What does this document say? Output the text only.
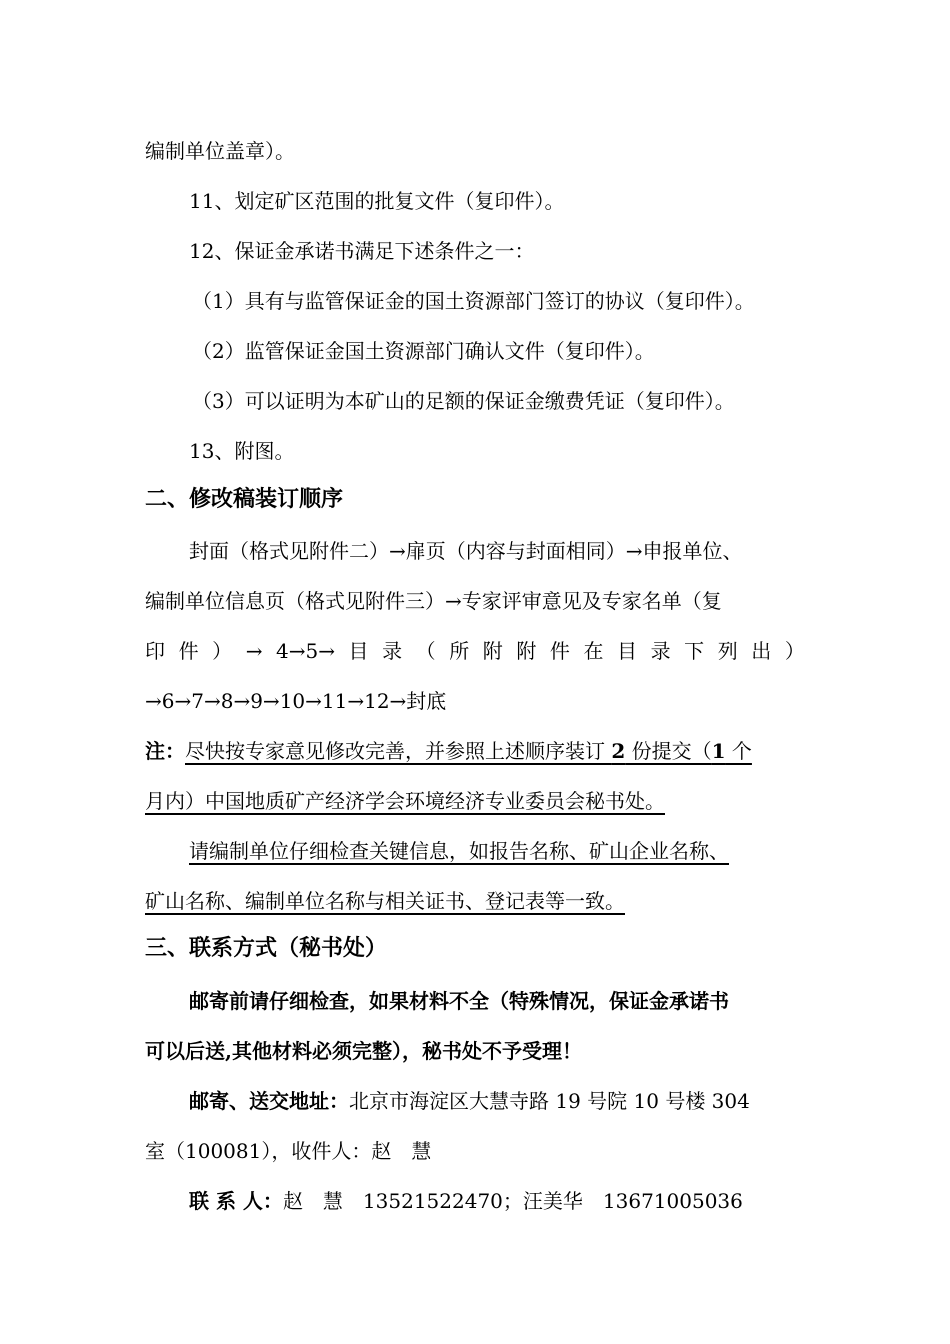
编制单位盖章）。
11、划定矿区范围的批复文件（复印件）。
12、保证金承诺书满足下述条件之一：
（1）具有与监管保证金的国土资源部门签订的协议（复印件）。
（2）监管保证金国土资源部门确认文件（复印件）。
（3）可以证明为本矿山的足额的保证金缴费凭证（复印件）。
13、附图。
二、修改稿装订顺序
封面（格式见附件二）→扉页（内容与封面相同）→申报单位、
编制单位信息页（格式见附件三）→专家评审意见及专家名单（复
印 件 ） → 4→5→ 目 录 （ 所 附 附 件 在 目 录 下 列 出 ）
→6→7→8→9→10→11→12→封底
注：尽快按专家意见修改完善，并参照上述顺序装订 2 份提交（1 个
月内）中国地质矿产经济学会环境经济专业委员会秘书处。
请编制单位仔细检查关键信息，如报告名称、矿山企业名称、
矿山名称、编制单位名称与相关证书、登记表等一致。
三、联系方式（秘书处）
邮寄前请仔细检查，如果材料不全（特殊情况，保证金承诺书
可以后送,其他材料必须完整），秘书处不予受理！
邮寄、送交地址：北京市海淀区大慧寺路 19 号院 10 号楼 304
室（100081），收件人：赵　慧
联 系 人：赵　慧　13521522470；汪美华　13671005036
